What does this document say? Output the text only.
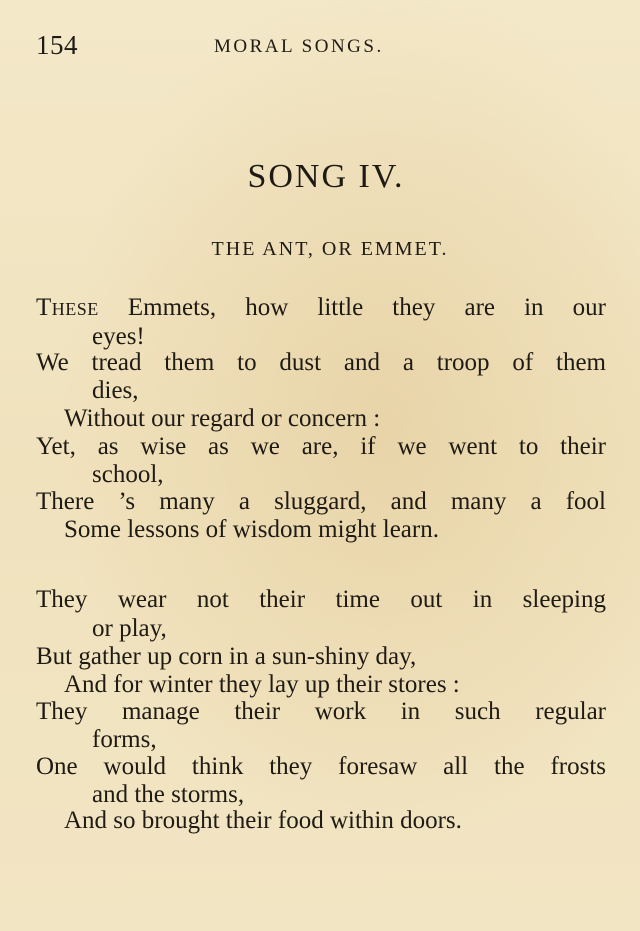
154	MORAL SONGS.
SONG IV.
THE ANT, OR EMMET.
These Emmets, how little they are in our
eyes!
We tread them to dust and a troop of them
dies,
Without our regard or concern :
Yet, as wise as we are, if we went to their
school,
There ’s many a sluggard, and many a fool
Some lessons of wisdom might learn.
They wear not their time out in sleeping
or play,
But gather up corn in a sun-shiny day,
And for winter they lay up their stores :
They manage their work in such regular
forms,
One would think they foresaw all the frosts
and the storms,
And so brought their food within doors.
